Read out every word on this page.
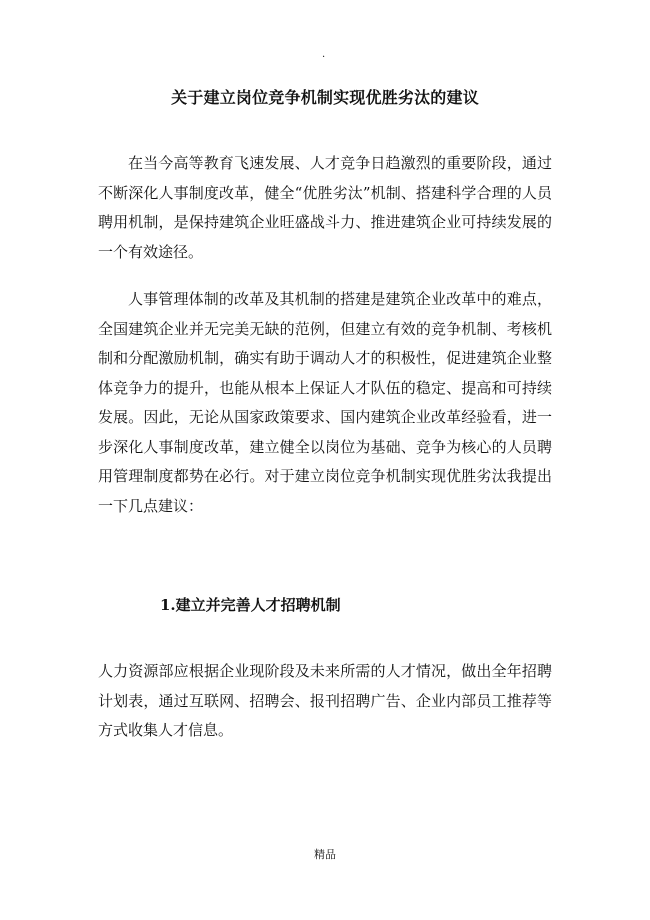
.
关于建立岗位竞争机制实现优胜劣汰的建议

在当今高等教育飞速发展、人才竞争日趋激烈的重要阶段，通过不断深化人事制度改革，健全“优胜劣汰”机制、搭建科学合理的人员聘用机制，是保持建筑企业旺盛战斗力、推进建筑企业可持续发展的一个有效途径。

人事管理体制的改革及其机制的搭建是建筑企业改革中的难点，全国建筑企业并无完美无缺的范例，但建立有效的竞争机制、考核机制和分配激励机制，确实有助于调动人才的积极性，促进建筑企业整体竞争力的提升，也能从根本上保证人才队伍的稳定、提高和可持续发展。因此，无论从国家政策要求、国内建筑企业改革经验看，进一步深化人事制度改革，建立健全以岗位为基础、竞争为核心的人员聘用管理制度都势在必行。对于建立岗位竞争机制实现优胜劣汰我提出一下几点建议：

1.建立并完善人才招聘机制

人力资源部应根据企业现阶段及未来所需的人才情况，做出全年招聘计划表，通过互联网、招聘会、报刊招聘广告、企业内部员工推荐等方式收集人才信息。

精品
